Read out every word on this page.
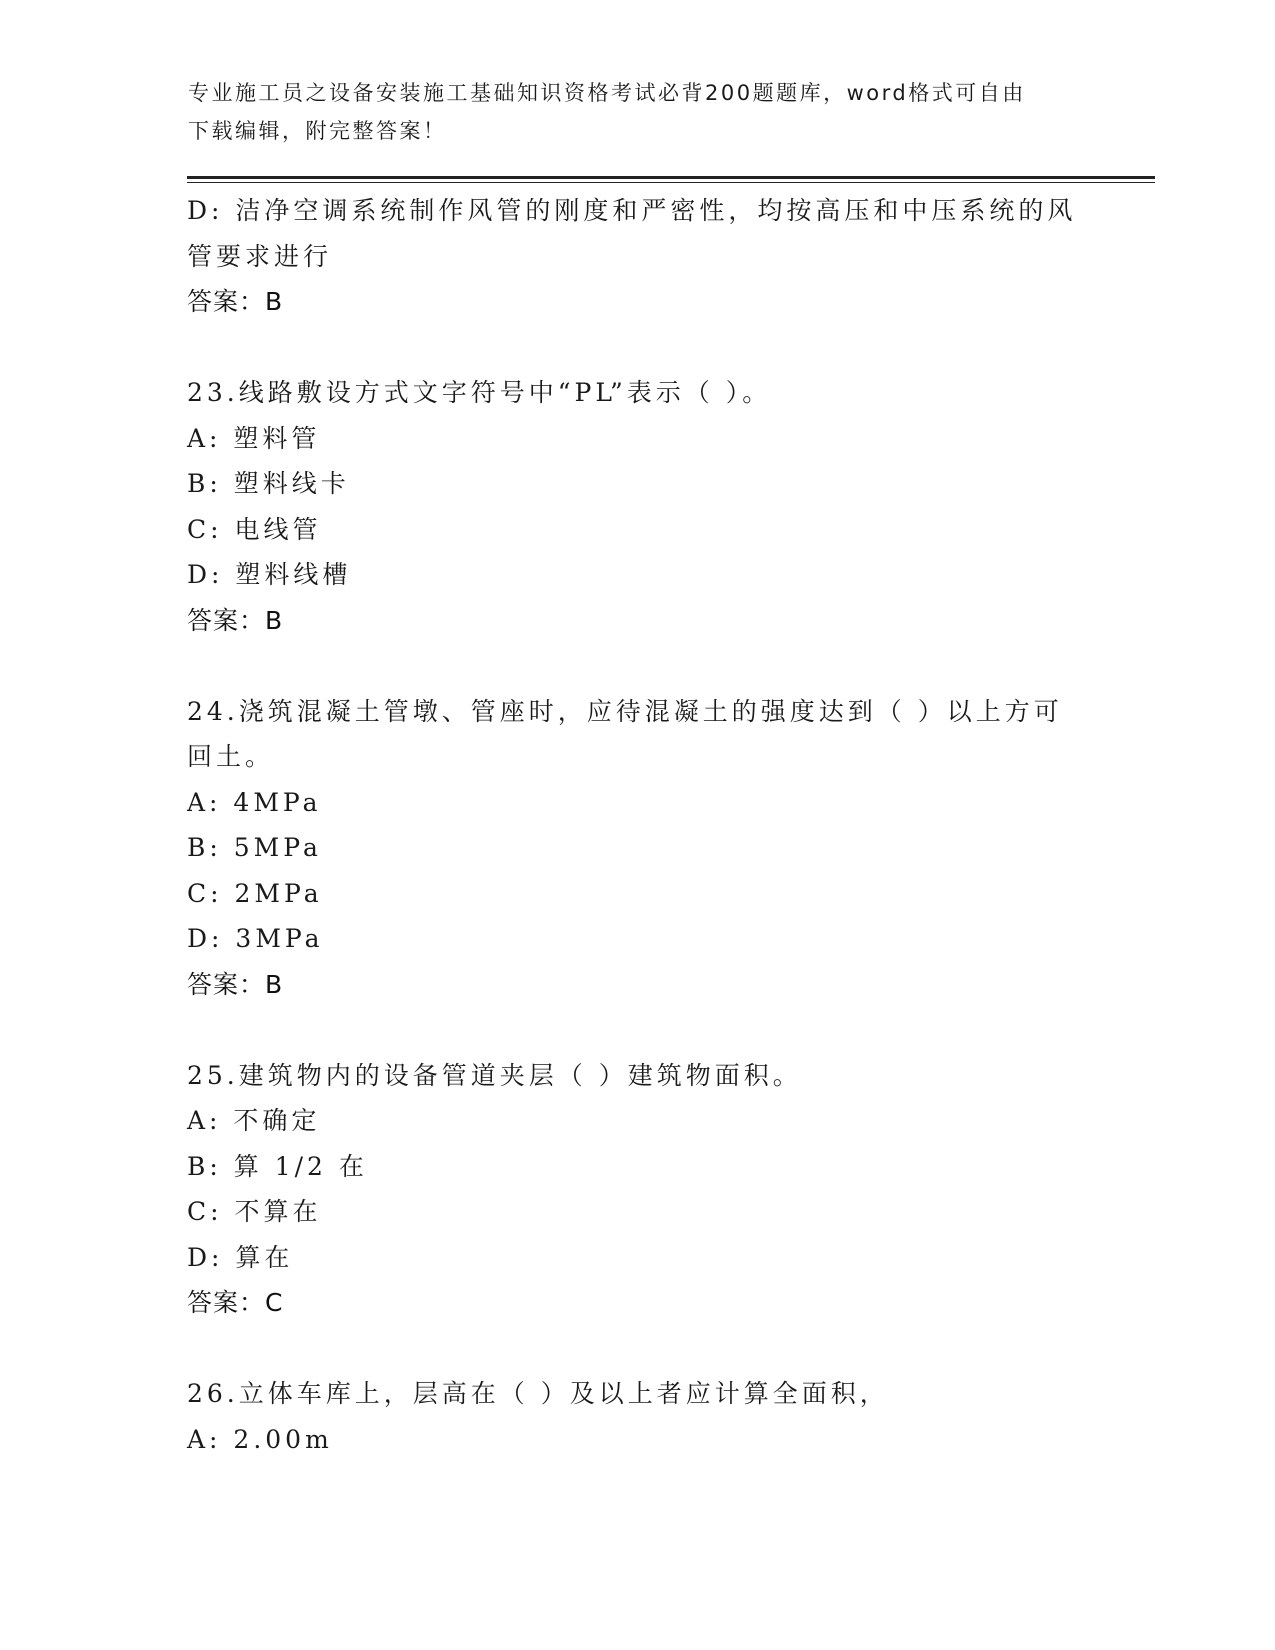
专业施工员之设备安装施工基础知识资格考试必背200题题库，word格式可自由
下载编辑，附完整答案！
D: 洁净空调系统制作风管的刚度和严密性，均按高压和中压系统的风
管要求进行
答案：B
23.线路敷设方式文字符号中“PL”表示（ ）。
A: 塑料管
B: 塑料线卡
C: 电线管
D: 塑料线槽
答案：B
24.浇筑混凝土管墩、管座时，应待混凝土的强度达到（ ）以上方可
回土。
A: 4MPa
B: 5MPa
C: 2MPa
D: 3MPa
答案：B
25.建筑物内的设备管道夹层（ ）建筑物面积。
A: 不确定
B: 算 1/2 在
C: 不算在
D: 算在
答案：C
26.立体车库上，层高在（ ）及以上者应计算全面积，
A: 2.00m
